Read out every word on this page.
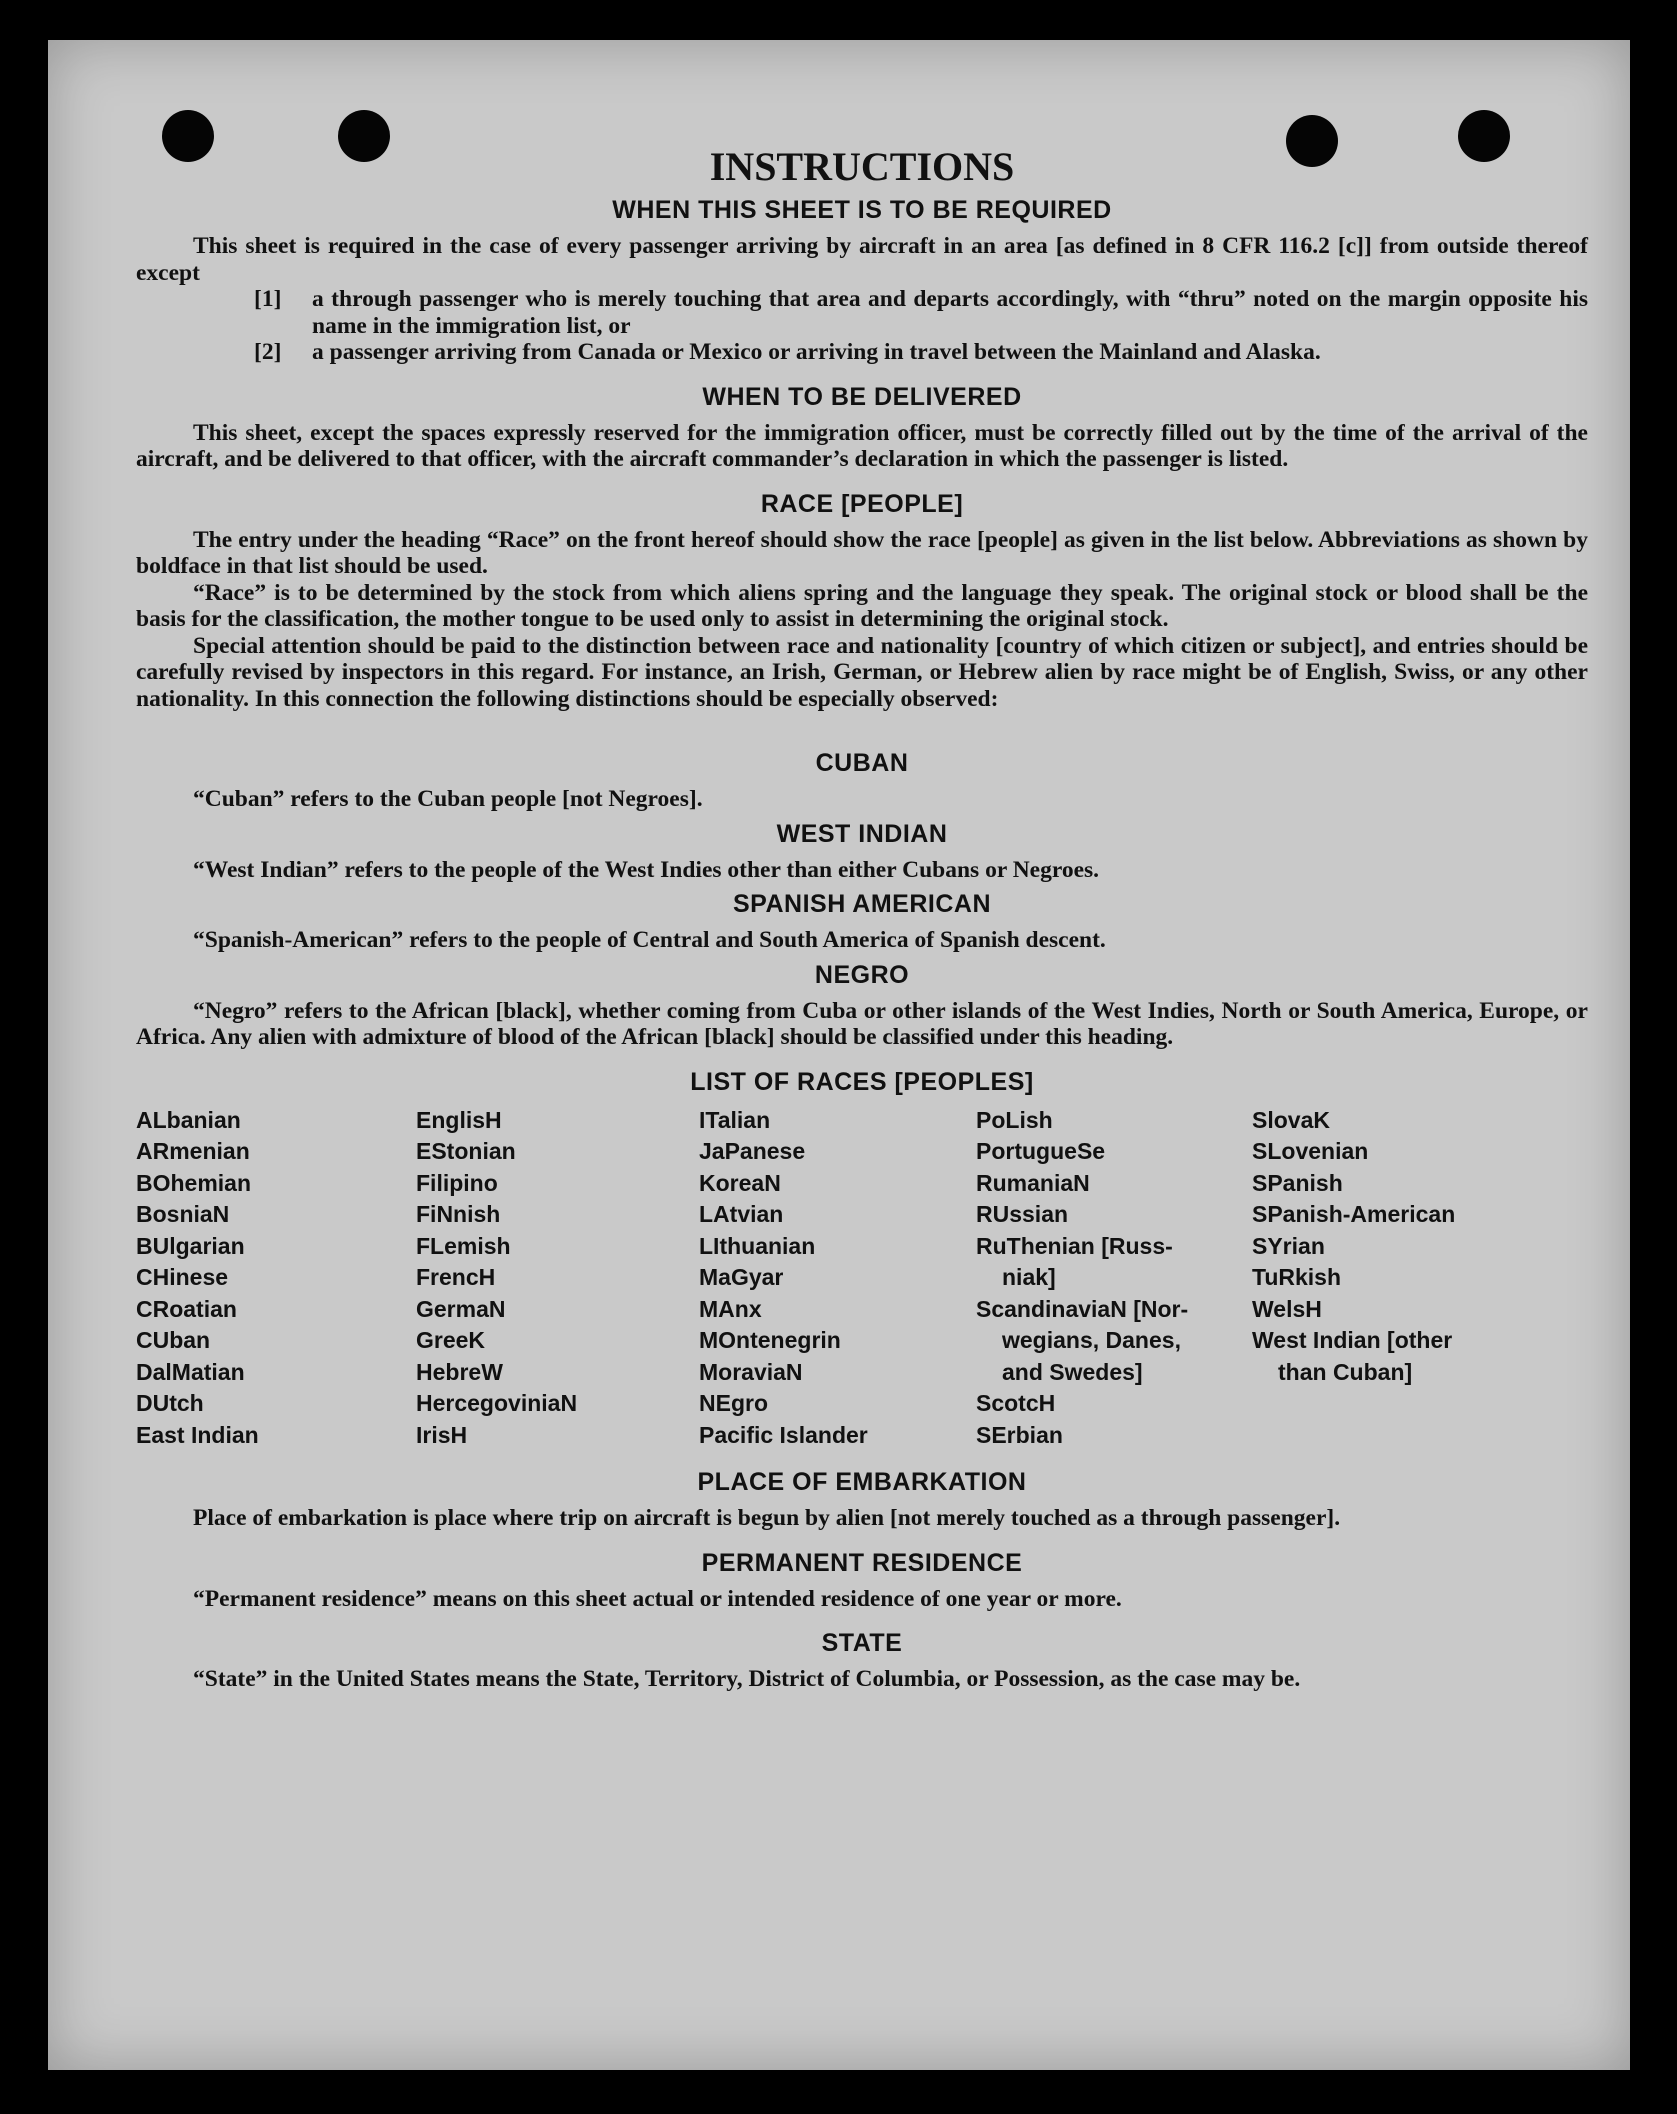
INSTRUCTIONS
WHEN THIS SHEET IS TO BE REQUIRED

This sheet is required in the case of every passenger arriving by aircraft in an area [as defined in 8 CFR 116.2 [c]] from outside thereof except

[1]	a through passenger who is merely touching that area and departs accordingly, with “thru” noted on the margin opposite his name in the immigration list, or
[2]	a passenger arriving from Canada or Mexico or arriving in travel between the Mainland and Alaska.
WHEN TO BE DELIVERED

This sheet, except the spaces expressly reserved for the immigration officer, must be correctly filled out by the time of the arrival of the aircraft, and be delivered to that officer, with the aircraft commander’s declaration in which the passenger is listed.

RACE [PEOPLE]

The entry under the heading “Race” on the front hereof should show the race [people] as given in the list below. Abbreviations as shown by boldface in that list should be used.

“Race” is to be determined by the stock from which aliens spring and the language they speak. The original stock or blood shall be the basis for the classification, the mother tongue to be used only to assist in determining the original stock.

Special attention should be paid to the distinction between race and nationality [country of which citizen or subject], and entries should be carefully revised by inspectors in this regard. For instance, an Irish, German, or Hebrew alien by race might be of English, Swiss, or any other nationality. In this connection the following distinctions should be especially observed:

CUBAN

“Cuban” refers to the Cuban people [not Negroes].

WEST INDIAN

“West Indian” refers to the people of the West Indies other than either Cubans or Negroes.

SPANISH AMERICAN

“Spanish-American” refers to the people of Central and South America of Spanish descent.

NEGRO

“Negro” refers to the African [black], whether coming from Cuba or other islands of the West Indies, North or South America, Europe, or Africa. Any alien with admixture of blood of the African [black] should be classified under this heading.

LIST OF RACES [PEOPLES]
ALbanian
ARmenian
BOhemian
BosniaN
BUlgarian
CHinese
CRoatian
CUban
DalMatian
DUtch
East Indian
EnglisH
EStonian
Filipino
FiNnish
FLemish
FrencH
GermaN
GreeK
HebreW
HercegoviniaN
IrisH
ITalian
JaPanese
KoreaN
LAtvian
LIthuanian
MaGyar
MAnx
MOntenegrin
MoraviaN
NEgro
Pacific Islander
PoLish
PortugueSe
RumaniaN
RUssian
RuThenian [Russ-
niak]
ScandinaviaN [Nor-
wegians, Danes,
and Swedes]
ScotcH
SErbian
SlovaK
SLovenian
SPanish
SPanish-American
SYrian
TuRkish
WelsH
West Indian [other
than Cuban]
PLACE OF EMBARKATION

Place of embarkation is place where trip on aircraft is begun by alien [not merely touched as a through passenger].

PERMANENT RESIDENCE

“Permanent residence” means on this sheet actual or intended residence of one year or more.

STATE

“State” in the United States means the State, Territory, District of Columbia, or Possession, as the case may be.
